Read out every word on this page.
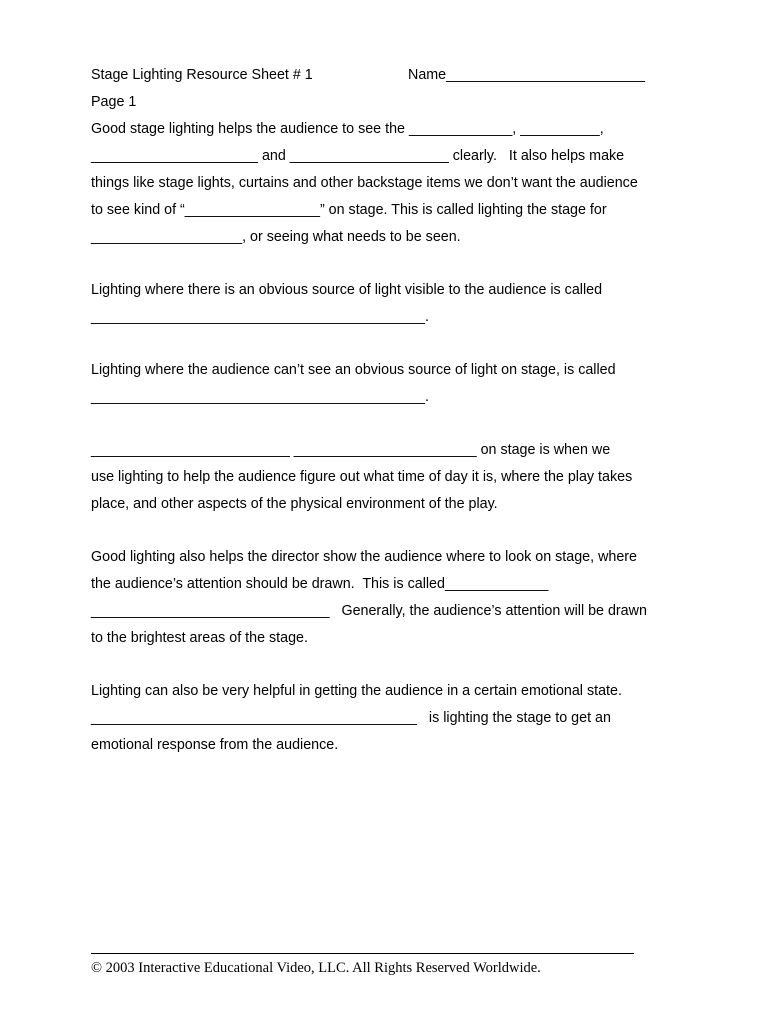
Stage Lighting Resource Sheet # 1	Name_________________________
Page 1
Good stage lighting helps the audience to see the _____________, __________,
_____________________ and ____________________ clearly.   It also helps make
things like stage lights, curtains and other backstage items we don’t want the audience
to see kind of “_________________” on stage. This is called lighting the stage for
___________________, or seeing what needs to be seen.
Lighting where there is an obvious source of light visible to the audience is called
__________________________________________.
Lighting where the audience can’t see an obvious source of light on stage, is called
__________________________________________.
_________________________ _______________________ on stage is when we
use lighting to help the audience figure out what time of day it is, where the play takes
place, and other aspects of the physical environment of the play.
Good lighting also helps the director show the audience where to look on stage, where
the audience’s attention should be drawn.  This is called_____________
______________________________   Generally, the audience’s attention will be drawn
to the brightest areas of the stage.
Lighting can also be very helpful in getting the audience in a certain emotional state.
_________________________________________   is lighting the stage to get an
emotional response from the audience.
© 2003 Interactive Educational Video, LLC. All Rights Reserved Worldwide.
